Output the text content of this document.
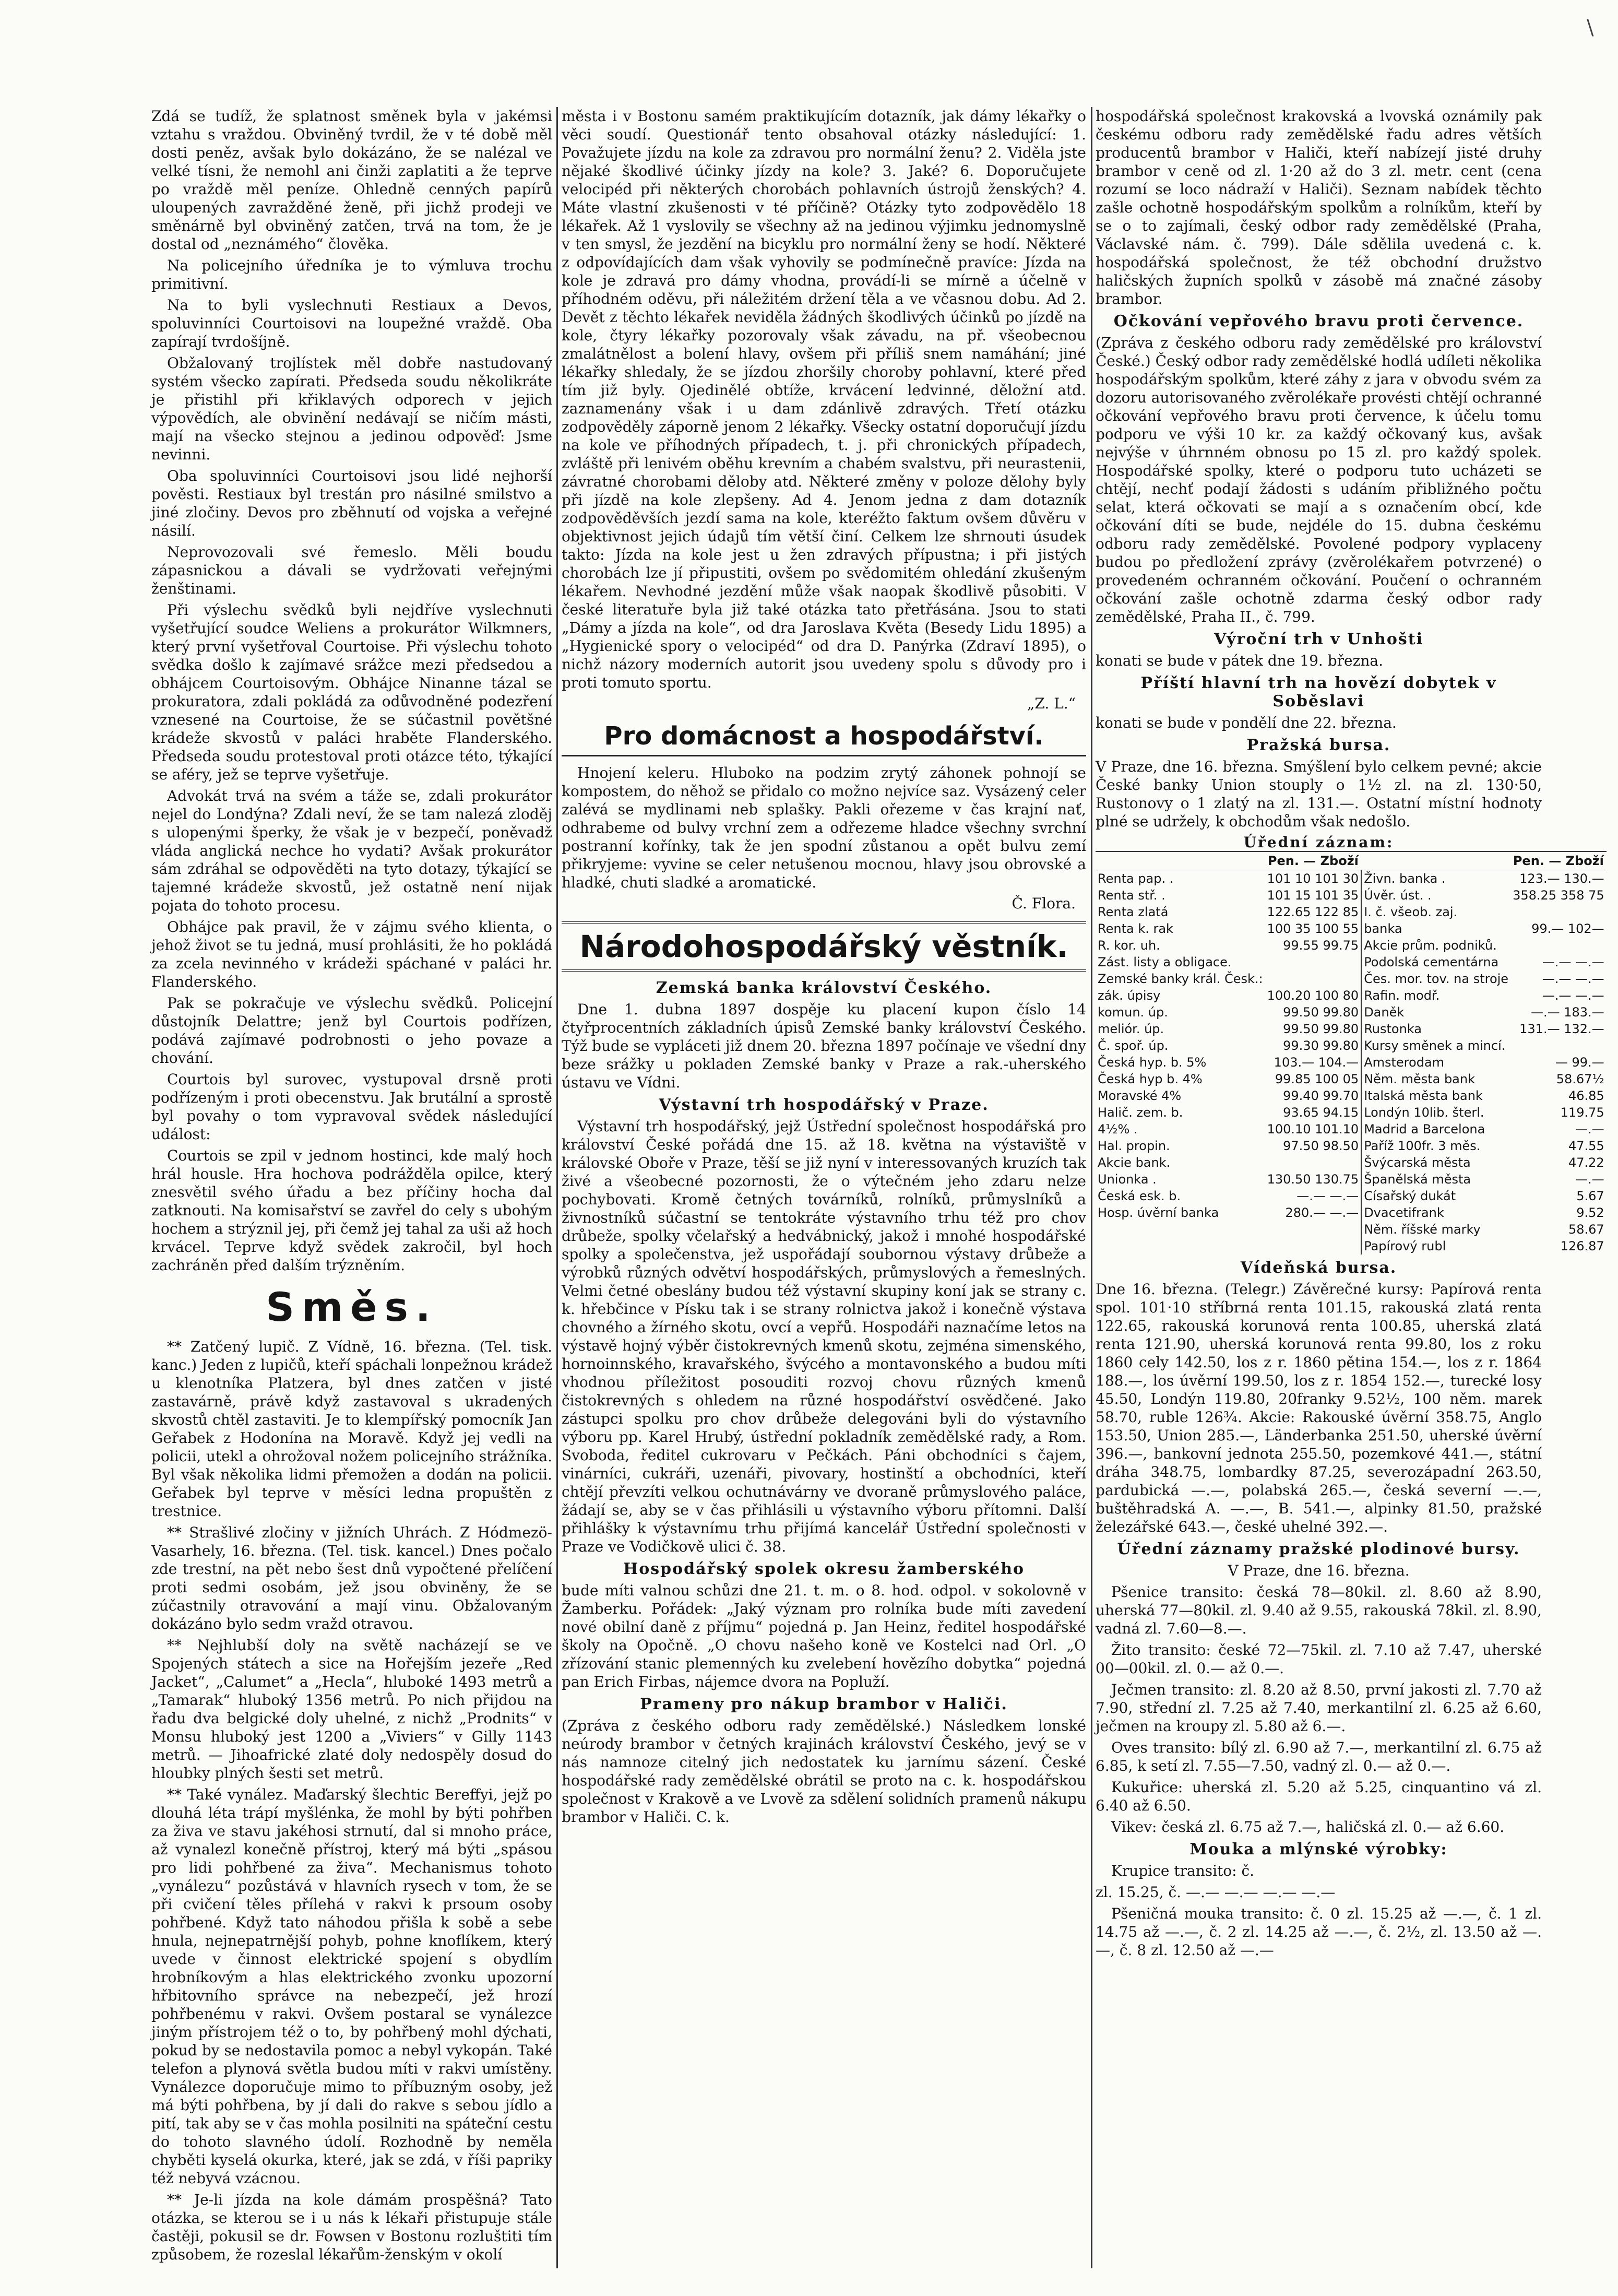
\

Zdá se tudíž, že splatnost směnek byla v jakémsi vztahu s vraždou. Obviněný tvrdil, že v té době měl dosti peněz, avšak bylo dokázáno, že se nalézal ve velké tísni, že nemohl ani činži zaplatiti a že teprve po vraždě měl peníze. Ohledně cenných papírů uloupených zavražděné ženě, při jichž prodeji ve směnárně byl obviněný zatčen, trvá na tom, že je dostal od „neznámého“ člověka.

Na policejního úředníka je to výmluva trochu primitivní.

Na to byli vyslechnuti Restiaux a Devos, spoluvinníci Courtoisovi na loupežné vraždě. Oba zapírají tvrdošíjně.

Obžalovaný trojlístek měl dobře nastudovaný systém všecko zapírati. Předseda soudu několikráte je přistihl při křiklavých odporech v jejich výpovědích, ale obvinění nedávají se ničím másti, mají na všecko stejnou a jedinou odpověď: Jsme nevinni.

Oba spoluvinníci Courtoisovi jsou lidé nejhorší pověsti. Restiaux byl trestán pro násilné smilstvo a jiné zločiny. Devos pro zběhnutí od vojska a veřejné násilí.

Neprovozovali své řemeslo. Měli boudu zápasnickou a dávali se vydržovati veřejnými ženštinami.

Při výslechu svědků byli nejdříve vyslechnuti vyšetřující soudce Weliens a prokurátor Wilkmners, který první vyšetřoval Courtoise. Při výslechu tohoto svědka došlo k zajímavé srážce mezi předsedou a obhájcem Courtoisovým. Obhájce Ninanne tázal se prokuratora, zdali pokládá za odůvodněné podezření vznesené na Courtoise, že se súčastnil povětšné krádeže skvostů v paláci hraběte Flanderského. Předseda soudu protestoval proti otázce této, týkající se aféry, jež se teprve vyšetřuje.

Advokát trvá na svém a táže se, zdali prokurátor nejel do Londýna? Zdali neví, že se tam nalezá zloděj s ulopenými šperky, že však je v bezpečí, poněvadž vláda anglická nechce ho vydati? Avšak prokurátor sám zdráhal se odpověděti na tyto dotazy, týkající se tajemné krádeže skvostů, jež ostatně není nijak pojata do tohoto procesu.

Obhájce pak pravil, že v zájmu svého klienta, o jehož život se tu jedná, musí prohlásiti, že ho pokládá za zcela nevinného v krádeži spáchané v paláci hr. Flanderského.

Pak se pokračuje ve výslechu svědků. Policejní důstojník Delattre; jenž byl Courtois podřízen, podává zajímavé podrobnosti o jeho povaze a chování.

Courtois byl surovec, vystupoval drsně proti podřízeným i proti obecenstvu. Jak brutální a sprostě byl povahy o tom vypravoval svědek následující událost:

Courtois se zpil v jednom hostinci, kde malý hoch hrál housle. Hra hochova podrážděla opilce, který znesvětil svého úřadu a bez příčiny hocha dal zatknouti. Na komisařství se zavřel do cely s ubohým hochem a strýznil jej, při čemž jej tahal za uši až hoch krvácel. Teprve když svědek zakročil, byl hoch zachráněn před dalším trýzněním.

Směs.

** Zatčený lupič. Z Vídně, 16. března. (Tel. tisk. kanc.) Jeden z lupičů, kteří spáchali lonpežnou krádež u klenotníka Platzera, byl dnes zatčen v jisté zastavárně, právě když zastavoval s ukradených skvostů chtěl zastaviti. Je to klempířský pomocník Jan Geřabek z Hodonína na Moravě. Když jej vedli na policii, utekl a ohrožoval nožem policejního strážníka. Byl však několika lidmi přemožen a dodán na policii. Geřabek byl teprve v měsíci ledna propuštěn z trestnice.

** Strašlivé zločiny v jižních Uhrách. Z Hódmezö-Vasarhely, 16. března. (Tel. tisk. kancel.) Dnes počalo zde trestní, na pět nebo šest dnů vypočtené přelíčení proti sedmi osobám, jež jsou obviněny, že se zúčastnily otravování a mají vinu. Obžalovaným dokázáno bylo sedm vražd otravou.

** Nejhlubší doly na světě nacházejí se ve Spojených státech a sice na Hořejším jezeře „Red Jacket“, „Calumet“ a „Hecla“, hluboké 1493 metrů a „Tamarak“ hluboký 1356 metrů. Po nich přijdou na řadu dva belgické doly uhelné, z nichž „Prodnits“ v Monsu hluboký jest 1200 a „Viviers“ v Gilly 1143 metrů. — Jihoafrické zlaté doly nedospěly dosud do hloubky plných šesti set metrů.

** Také vynález. Maďarský šlechtic Bereffyi, jejž po dlouhá léta trápí myšlénka, že mohl by býti pohřben za živa ve stavu jakéhosi strnutí, dal si mnoho práce, až vynalezl konečně přístroj, který má býti „spásou pro lidi pohřbené za živa“. Mechanismus tohoto „vynálezu“ pozůstává v hlavních rysech v tom, že se při cvičení těles přílehá v rakvi k prsoum osoby pohřbené. Když tato náhodou přišla k sobě a sebe hnula, nejnepatrnější pohyb, pohne knoflíkem, který uvede v činnost elektrické spojení s obydlím hrobníkovým a hlas elektrického zvonku upozorní hřbitovního správce na nebezpečí, jež hrozí pohřbenému v rakvi. Ovšem postaral se vynálezce jiným přístrojem též o to, by pohřbený mohl dýchati, pokud by se nedostavila pomoc a nebyl vykopán. Také telefon a plynová světla budou míti v rakvi umístěny. Vynálezce doporučuje mimo to příbuzným osoby, jež má býti pohřbena, by jí dali do rakve s sebou jídlo a pití, tak aby se v čas mohla posilniti na spáteční cestu do tohoto slavného údolí. Rozhodně by neměla chyběti kyselá okurka, které, jak se zdá, v říši papriky též nebyvá vzácnou.

** Je-li jízda na kole dámám prospěšná? Tato otázka, se kterou se i u nás k lékaři přistupuje stále častěji, pokusil se dr. Fowsen v Bostonu rozluštiti tím způsobem, že rozeslal lékařům-ženským v okolí

města i v Bostonu samém praktikujícím dotazník, jak dámy lékařky o věci soudí. Questionář tento obsahoval otázky následující: 1. Považujete jízdu na kole za zdravou pro normální ženu? 2. Viděla jste nějaké škodlivé účinky jízdy na kole? 3. Jaké? 6. Doporučujete velocipéd při některých chorobách pohlavních ústrojů ženských? 4. Máte vlastní zkušenosti v té příčině? Otázky tyto zodpovědělo 18 lékařek. Až 1 vyslovily se všechny až na jedinou výjimku jednomyslně v ten smysl, že jezdění na bicyklu pro normální ženy se hodí. Některé z odpovídajících dam však vyhovily se podmínečně pravíce: Jízda na kole je zdravá pro dámy vhodna, provádí-li se mírně a účelně v příhodném oděvu, při náležitém držení těla a ve včasnou dobu. Ad 2. Devět z těchto lékařek neviděla žádných škodlivých účinků po jízdě na kole, čtyry lékařky pozorovaly však závadu, na př. všeobecnou zmalátnělost a bolení hlavy, ovšem při příliš snem namáhání; jiné lékařky shledaly, že se jízdou zhoršily choroby pohlavní, které před tím již byly. Ojedinělé obtíže, krvácení ledvinné, děložní atd. zaznamenány však i u dam zdánlivě zdravých. Třetí otázku zodpověděly záporně jenom 2 lékařky. Všecky ostatní doporučují jízdu na kole ve příhodných případech, t. j. při chronických případech, zvláště při lenivém oběhu krevním a chabém svalstvu, při neurastenii, závratné chorobami děloby atd. Některé změny v poloze dělohy byly při jízdě na kole zlepšeny. Ad 4. Jenom jedna z dam dotazník zodpověděvších jezdí sama na kole, kteréžto faktum ovšem důvěru v objektivnost jejich údajů tím větší činí. Celkem lze shrnouti úsudek takto: Jízda na kole jest u žen zdravých přípustna; i při jistých chorobách lze jí připustiti, ovšem po svědomitém ohledání zkušeným lékařem. Nevhodné jezdění může však naopak škodlivě působiti. V české literatuře byla již také otázka tato přetřásána. Jsou to stati „Dámy a jízda na kole“, od dra Jaroslava Květa (Besedy Lidu 1895) a „Hygienické spory o velocipéd“ od dra D. Panýrka (Zdraví 1895), o nichž názory moderních autorit jsou uvedeny spolu s důvody pro i proti tomuto sportu.

„Z. L.“
Pro domácnost a hospodářství.

Hnojení keleru. Hluboko na podzim zrytý záhonek pohnojí se kompostem, do něhož se přidalo co možno nejvíce saz. Vysázený celer zalévá se mydlinami neb splašky. Pakli ořezeme v čas krajní nať, odhrabeme od bulvy vrchní zem a odřezeme hladce všechny svrchní postranní kořínky, tak že jen spodní zůstanou a opět bulvu zemí přikryjeme: vyvine se celer netušenou mocnou, hlavy jsou obrovské a hladké, chuti sladké a aromatické.

Č. Flora.
Národohospodářský věstník.
Zemská banka království Českého.

Dne 1. dubna 1897 dospěje ku placení kupon číslo 14 čtyřprocentních základních úpisů Zemské banky království Českého. Týž bude se vypláceti již dnem 20. března 1897 počínaje ve všední dny beze srážky u pokladen Zemské banky v Praze a rak.-uherského ústavu ve Vídni.

Výstavní trh hospodářský v Praze.

Výstavní trh hospodářský, jejž Ústřední společnost hospodářská pro království České pořádá dne 15. až 18. května na výstaviště v královské Oboře v Praze, těší se již nyní v interessovaných kruzích tak živé a všeobecné pozornosti, že o výtečném jeho zdaru nelze pochybovati. Kromě četných továrníků, rolníků, průmyslníků a živnostníků súčastní se tentokráte výstavního trhu též pro chov drůbeže, spolky včelařský a hedvábnický, jakož i mnohé hospodářské spolky a společenstva, jež uspořádají soubornou výstavy drůbeže a výrobků různých odvětví hospodářských, průmyslových a řemeslných. Velmi četné obeslány budou též výstavní skupiny koní jak se strany c. k. hřebčince v Písku tak i se strany rolnictva jakož i konečně výstava chovného a žírného skotu, ovcí a vepřů. Hospodáři naznačíme letos na výstavě hojný výběr čistokrevných kmenů skotu, zejména simenského, hornoinnského, kravařského, švýcého a montavonského a budou míti vhodnou příležitost posouditi rozvoj chovu různých kmenů čistokrevných s ohledem na různé hospodářství osvědčené. Jako zástupci spolku pro chov drůbeže delegováni byli do výstavního výboru pp. Karel Hrubý, ústřední pokladník zemědělské rady, a Rom. Svoboda, ředitel cukrovaru v Pečkách. Páni obchodníci s čajem, vinárníci, cukráři, uzenáři, pivovary, hostinští a obchodníci, kteří chtějí převzíti velkou ochutnávárny ve dvoraně průmyslového paláce, žádají se, aby se v čas přihlásili u výstavního výboru přítomni. Další přihlášky k výstavnímu trhu přijímá kancelář Ústřední společnosti v Praze ve Vodičkově ulici č. 38.

Hospodářský spolek okresu žamberského

bude míti valnou schůzi dne 21. t. m. o 8. hod. odpol. v sokolovně v Žamberku. Pořádek: „Jaký význam pro rolníka bude míti zavedení nové obilní daně z příjmu“ pojedná p. Jan Heinz, ředitel hospodářské školy na Opočně. „O chovu našeho koně ve Kostelci nad Orl. „O zřízování stanic plemenných ku zvelebení hovězího dobytka“ pojedná pan Erich Firbas, nájemce dvora na Popluží.

Prameny pro nákup brambor v Haliči.

(Zpráva z českého odboru rady zemědělské.) Následkem lonské neúrody brambor v četných krajinách království Českého, jevý se v nás namnoze citelný jich nedostatek ku jarnímu sázení. České hospodářské rady zemědělské obrátil se proto na c. k. hospodářskou společnost v Krakově a ve Lvově za sdělení solidních pramenů nákupu brambor v Haliči. C. k.

hospodářská společnost krakovská a lvovská oznámily pak českému odboru rady zemědělské řadu adres větších producentů brambor v Haliči, kteří nabízejí jisté druhy brambor v ceně od zl. 1·20 až do 3 zl. metr. cent (cena rozumí se loco nádraží v Haliči). Seznam nabídek těchto zašle ochotně hospodářským spolkům a rolníkům, kteří by se o to zajímali, český odbor rady zemědělské (Praha, Václavské nám. č. 799). Dále sdělila uvedená c. k. hospodářská společnost, že též obchodní družstvo haličských župních spolků v zásobě má značné zásoby brambor.

Očkování vepřového bravu proti července.

(Zpráva z českého odboru rady zemědělské pro království České.) Český odbor rady zemědělské hodlá udíleti několika hospodářským spolkům, které záhy z jara v obvodu svém za dozoru autorisovaného zvěrolékaře provésti chtějí ochranné očkování vepřového bravu proti července, k účelu tomu podporu ve výši 10 kr. za každý očkovaný kus, avšak nejvýše v úhrnném obnosu po 15 zl. pro každý spolek. Hospodářské spolky, které o podporu tuto ucházeti se chtějí, nechť podají žádosti s udáním přibližného počtu selat, která očkovati se mají a s označením obcí, kde očkování díti se bude, nejdéle do 15. dubna českému odboru rady zemědělské. Povolené podpory vyplaceny budou po předložení zprávy (zvěrolékařem potvrzené) o provedeném ochranném očkování. Poučení o ochranném očkování zašle ochotně zdarma český odbor rady zemědělské, Praha II., č. 799.

Výroční trh v Unhošti

konati se bude v pátek dne 19. března.

Příští hlavní trh na hovězí dobytek v Soběslavi

konati se bude v pondělí dne 22. března.

Pražská bursa.

V Praze, dne 16. března. Smýšlení bylo celkem pevné; akcie České banky Union stouply o 1½ zl. na zl. 130·50, Rustonovy o 1 zlatý na zl. 131.—. Ostatní místní hodnoty plné se udržely, k obchodům však nedošlo.

Úřední záznam:
	Pen. — Zboží		Pen. — Zboží
Renta pap. .	101 10 101 30	Živn. banka .	123.— 130.—
Renta stř. .	101 15 101 35	Úvěr. úst. .	358.25 358 75
Renta zlatá	122.65 122 85	I. č. všeob. zaj.	
Renta k. rak	100 35 100 55	banka	99.— 102—
R. kor. uh.	99.55 99.75	Akcie prům. podniků.	
Zást. listy a obligace.		Podolská cementárna	—.— —.—
Zemské banky král. Česk.:		Čes. mor. tov. na stroje	—.— —.—
zák. úpisy	100.20 100 80	Rafin. modř.	—.— —.—
komun. úp.	99.50 99.80	Daněk	—.— 183.—
meliór. úp.	99.50 99.80	Rustonka	131.— 132.—
Č. spoř. úp.	99.30 99.80	Kursy směnek a mincí.	
Česká hyp. b. 5%	103.— 104.—	Amsterodam	— 99.—
Česká hyp b. 4%	99.85 100 05	Něm. města bank	58.67½
Moravské 4%	99.40 99.70	Italská města bank	46.85
Halič. zem. b.	93.65 94.15	Londýn 10lib. šterl.	119.75
4½% .	100.10 101.10	Madrid a Barcelona	—.—
Hal. propin.	97.50 98.50	Paříž 100fr. 3 měs.	47.55
Akcie bank.		Švýcarská města	47.22
Unionka .	130.50 130.75	Španělská města	—.—
Česká esk. b.	—.— —.—	Císařský dukát	5.67
Hosp. úvěrní banka	280.— —.—	Dvacetifrank	9.52
		Něm. říšské marky	58.67
		Papírový rubl	126.87
Vídeňská bursa.

Dne 16. března. (Telegr.) Závěrečné kursy: Papírová renta spol. 101·10 stříbrná renta 101.15, rakouská zlatá renta 122.65, rakouská korunová renta 100.85, uherská zlatá renta 121.90, uherská korunová renta 99.80, los z roku 1860 cely 142.50, los z r. 1860 pětina 154.—, los z r. 1864 188.—, los úvěrní 199.50, los z r. 1854 152.—, turecké losy 45.50, Londýn 119.80, 20franky 9.52½, 100 něm. marek 58.70, ruble 126¾. Akcie: Rakouské úvěrní 358.75, Anglo 153.50, Union 285.—, Länderbanka 251.50, uherské úvěrní 396.—, bankovní jednota 255.50, pozemkové 441.—, státní dráha 348.75, lombardky 87.25, severozápadní 263.50, pardubická —.—, polabská 265.—, česká severní —.—, buštěhradská A. —.—, B. 541.—, alpinky 81.50, pražské železářské 643.—, české uhelné 392.—.

Úřední záznamy pražské plodinové bursy.

V Praze, dne 16. března.

Pšenice transito: česká 78—80kil. zl. 8.60 až 8.90, uherská 77—80kil. zl. 9.40 až 9.55, rakouská 78kil. zl. 8.90, vadná zl. 7.60—8.—.

Žito transito: české 72—75kil. zl. 7.10 až 7.47, uherské 00—00kil. zl. 0.— až 0.—.

Ječmen transito: zl. 8.20 až 8.50, první jakosti zl. 7.70 až 7.90, střední zl. 7.25 až 7.40, merkantilní zl. 6.25 až 6.60, ječmen na kroupy zl. 5.80 až 6.—.

Oves transito: bílý zl. 6.90 až 7.—, merkantilní zl. 6.75 až 6.85, k setí zl. 7.55—7.50, vadný zl. 0.— až 0.—.

Kukuřice: uherská zl. 5.20 až 5.25, cinquantino vá zl. 6.40 až 6.50.

Vikev: česká zl. 6.75 až 7.—, haličská zl. 0.— až 6.60.

Mouka a mlýnské výrobky:

Krupice transito: č.

zl. 15.25, č. —.— —.— —.— —.—

Pšeničná mouka transito: č. 0 zl. 15.25 až —.—, č. 1 zl. 14.75 až —.—, č. 2 zl. 14.25 až —.—, č. 2½, zl. 13.50 až —.—, č. 8 zl. 12.50 až —.—
